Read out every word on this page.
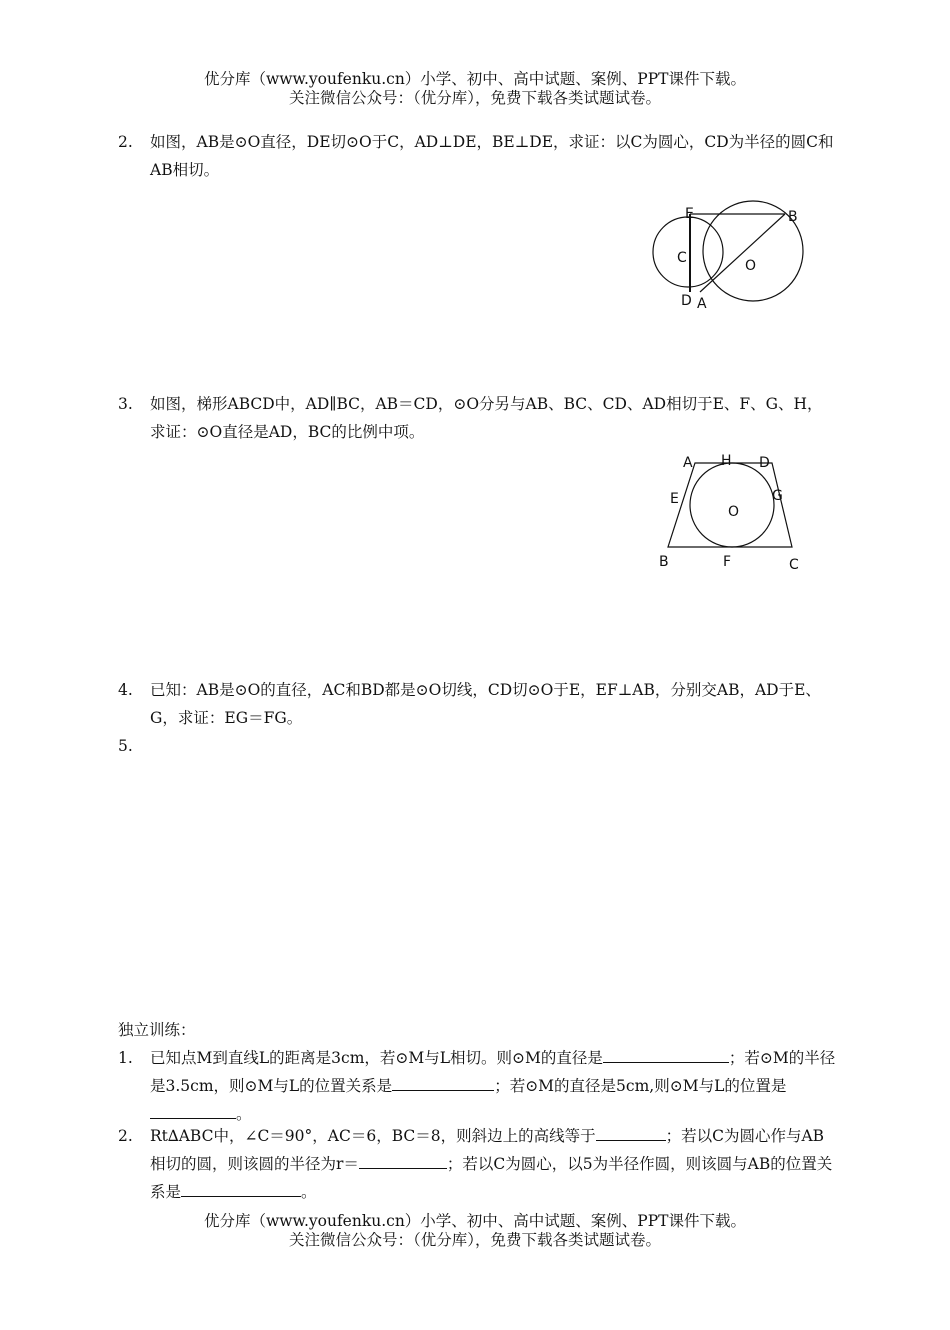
优分库（www.youfenku.cn）小学、初中、高中试题、案例、PPT课件下载。
关注微信公众号：（优分库），免费下载各类试题试卷。
2.	如图，AB是⊙O直径，DE切⊙O于C，AD⊥DE，BE⊥DE，求证：以C为圆心，CD为半径的圆C和AB相切。
E	B
C	O
D A
3.	如图，梯形ABCD中，AD∥BC，AB＝CD，⊙O分另与AB、BC、CD、AD相切于E、F、G、H，求证：⊙O直径是AD，BC的比例中项。
A H D
E	G
O
B	F	C
4.	已知：AB是⊙O的直径，AC和BD都是⊙O切线，CD切⊙O于E，EF⊥AB，分别交AB，AD于E、G，求证：EG＝FG。
5.

独立训练：
1.	已知点M到直线L的距离是3cm，若⊙M与L相切。则⊙M的直径是	；若⊙M的半径是3.5cm，则⊙M与L的位置关系是	；若⊙M的直径是5cm,则⊙M与L的位置是。
2.	Rt∆ABC中，∠C＝90°，AC＝6，BC＝8，则斜边上的高线等于	；若以C为圆心作与AB相切的圆，则该圆的半径为r＝	；若以C为圆心，以5为半径作圆，则该圆与AB的位置关系是	。
优分库（www.youfenku.cn）小学、初中、高中试题、案例、PPT课件下载。
关注微信公众号：（优分库），免费下载各类试题试卷。
